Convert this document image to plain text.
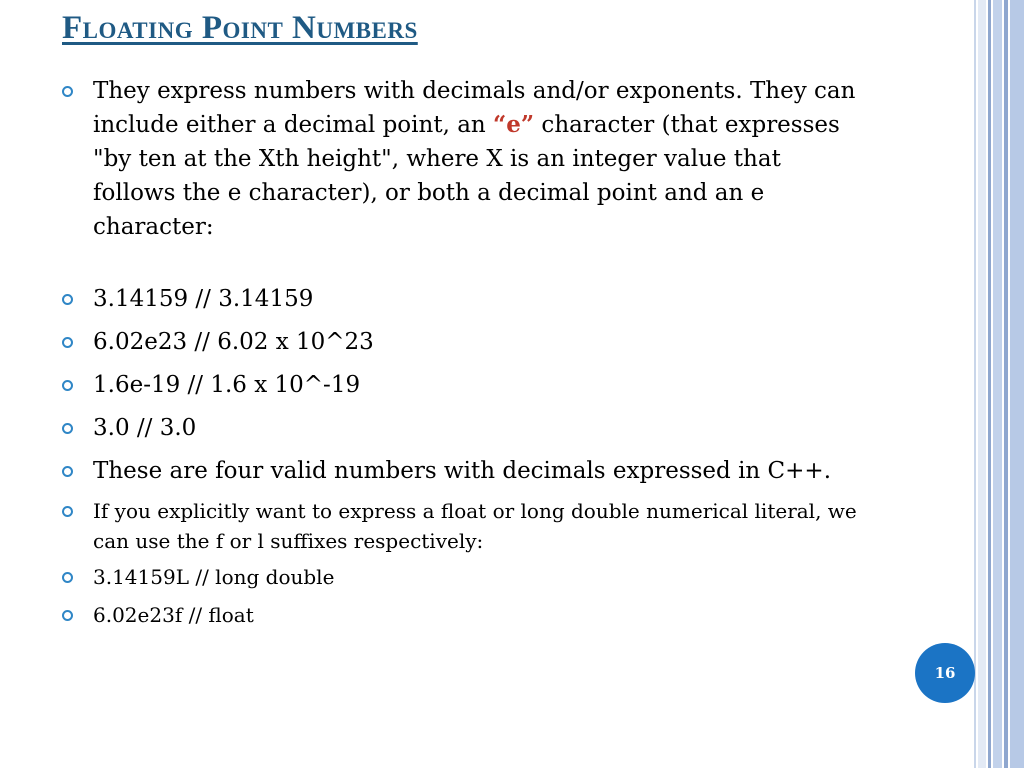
Floating Point Numbers
They express numbers with decimals and/or exponents. They can include either a decimal point, an “e” character (that expresses "by ten at the Xth height", where X is an integer value that follows the e character), or both a decimal point and an e character:
3.14159 // 3.14159
6.02e23 // 6.02 x 10^23
1.6e-19 // 1.6 x 10^-19
3.0 // 3.0
These are four valid numbers with decimals expressed in C++.
If you explicitly want to express a float or long double numerical literal, we can use the f or l suffixes respectively:
3.14159L // long double
6.02e23f // float
16
